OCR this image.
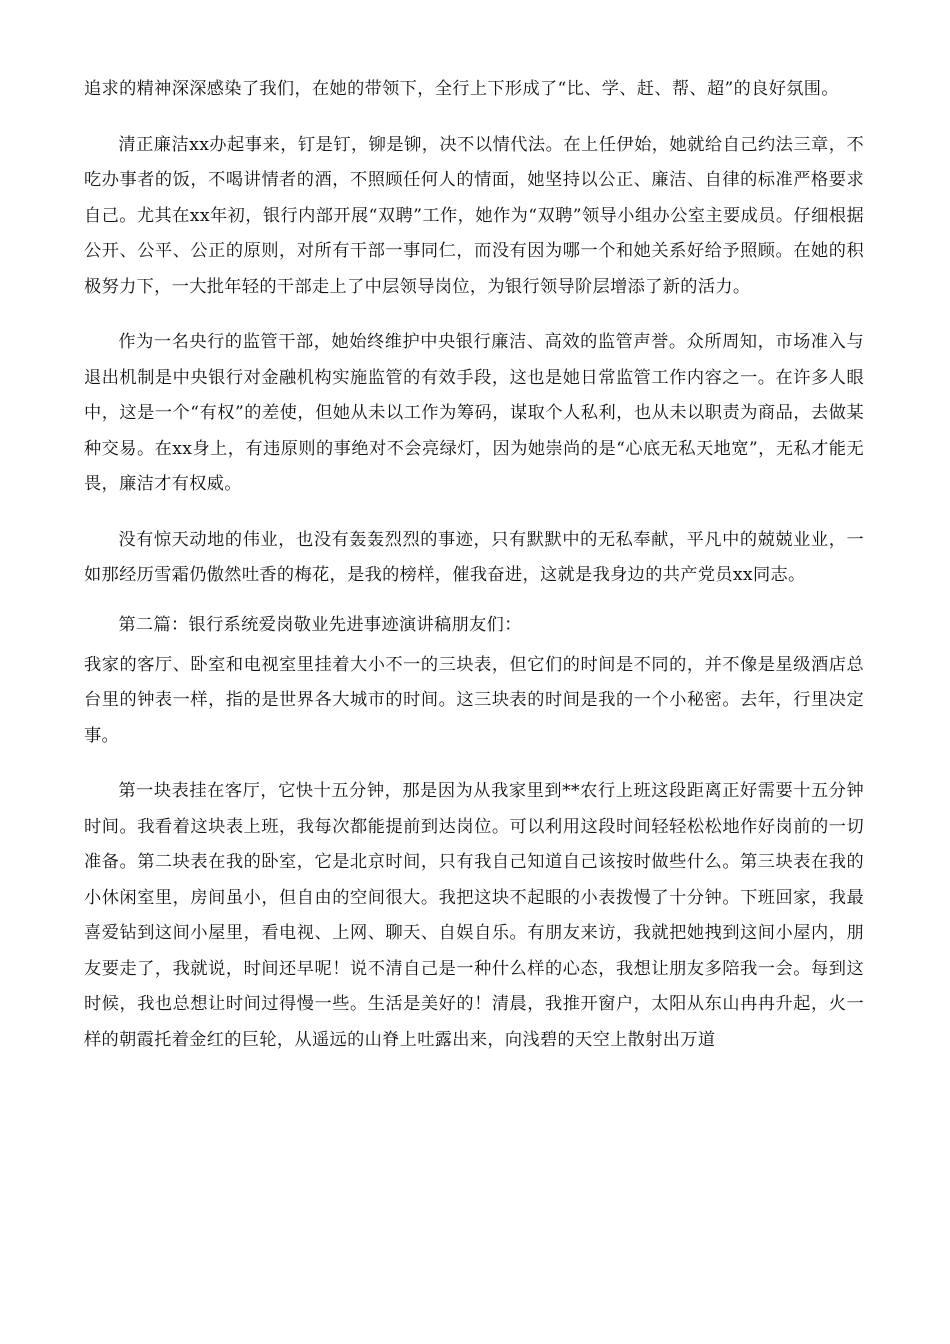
追求的精神深深感染了我们，在她的带领下，全行上下形成了“比、学、赶、帮、超”的良好氛围。

清正廉洁xx办起事来，钉是钉，铆是铆，决不以情代法。在上任伊始，她就给自己约法三章，不吃办事者的饭，不喝讲情者的酒，不照顾任何人的情面，她坚持以公正、廉洁、自律的标准严格要求自己。尤其在xx年初，银行内部开展“双聘”工作，她作为“双聘”领导小组办公室主要成员。仔细根据公开、公平、公正的原则，对所有干部一事同仁，而没有因为哪一个和她关系好给予照顾。在她的积极努力下，一大批年轻的干部走上了中层领导岗位，为银行领导阶层增添了新的活力。

作为一名央行的监管干部，她始终维护中央银行廉洁、高效的监管声誉。众所周知，市场准入与退出机制是中央银行对金融机构实施监管的有效手段，这也是她日常监管工作内容之一。在许多人眼中，这是一个“有权”的差使，但她从未以工作为筹码，谋取个人私利，也从未以职责为商品，去做某种交易。在xx身上，有违原则的事绝对不会亮绿灯，因为她崇尚的是“心底无私天地宽”，无私才能无畏，廉洁才有权威。

没有惊天动地的伟业，也没有轰轰烈烈的事迹，只有默默中的无私奉献，平凡中的兢兢业业，一如那经历雪霜仍傲然吐香的梅花，是我的榜样，催我奋进，这就是我身边的共产党员xx同志。

第二篇：银行系统爱岗敬业先进事迹演讲稿朋友们：

我家的客厅、卧室和电视室里挂着大小不一的三块表，但它们的时间是不同的，并不像是星级酒店总台里的钟表一样，指的是世界各大城市的时间。这三块表的时间是我的一个小秘密。去年，行里决定事。

第一块表挂在客厅，它快十五分钟，那是因为从我家里到**农行上班这段距离正好需要十五分钟时间。我看着这块表上班，我每次都能提前到达岗位。可以利用这段时间轻轻松松地作好岗前的一切准备。第二块表在我的卧室，它是北京时间，只有我自己知道自己该按时做些什么。第三块表在我的小休闲室里，房间虽小，但自由的空间很大。我把这块不起眼的小表拨慢了十分钟。下班回家，我最喜爱钻到这间小屋里，看电视、上网、聊天、自娱自乐。有朋友来访，我就把她拽到这间小屋内，朋友要走了，我就说，时间还早呢！说不清自己是一种什么样的心态，我想让朋友多陪我一会。每到这时候，我也总想让时间过得慢一些。生活是美好的！清晨，我推开窗户，太阳从东山冉冉升起，火一样的朝霞托着金红的巨轮，从遥远的山脊上吐露出来，向浅碧的天空上散射出万道
